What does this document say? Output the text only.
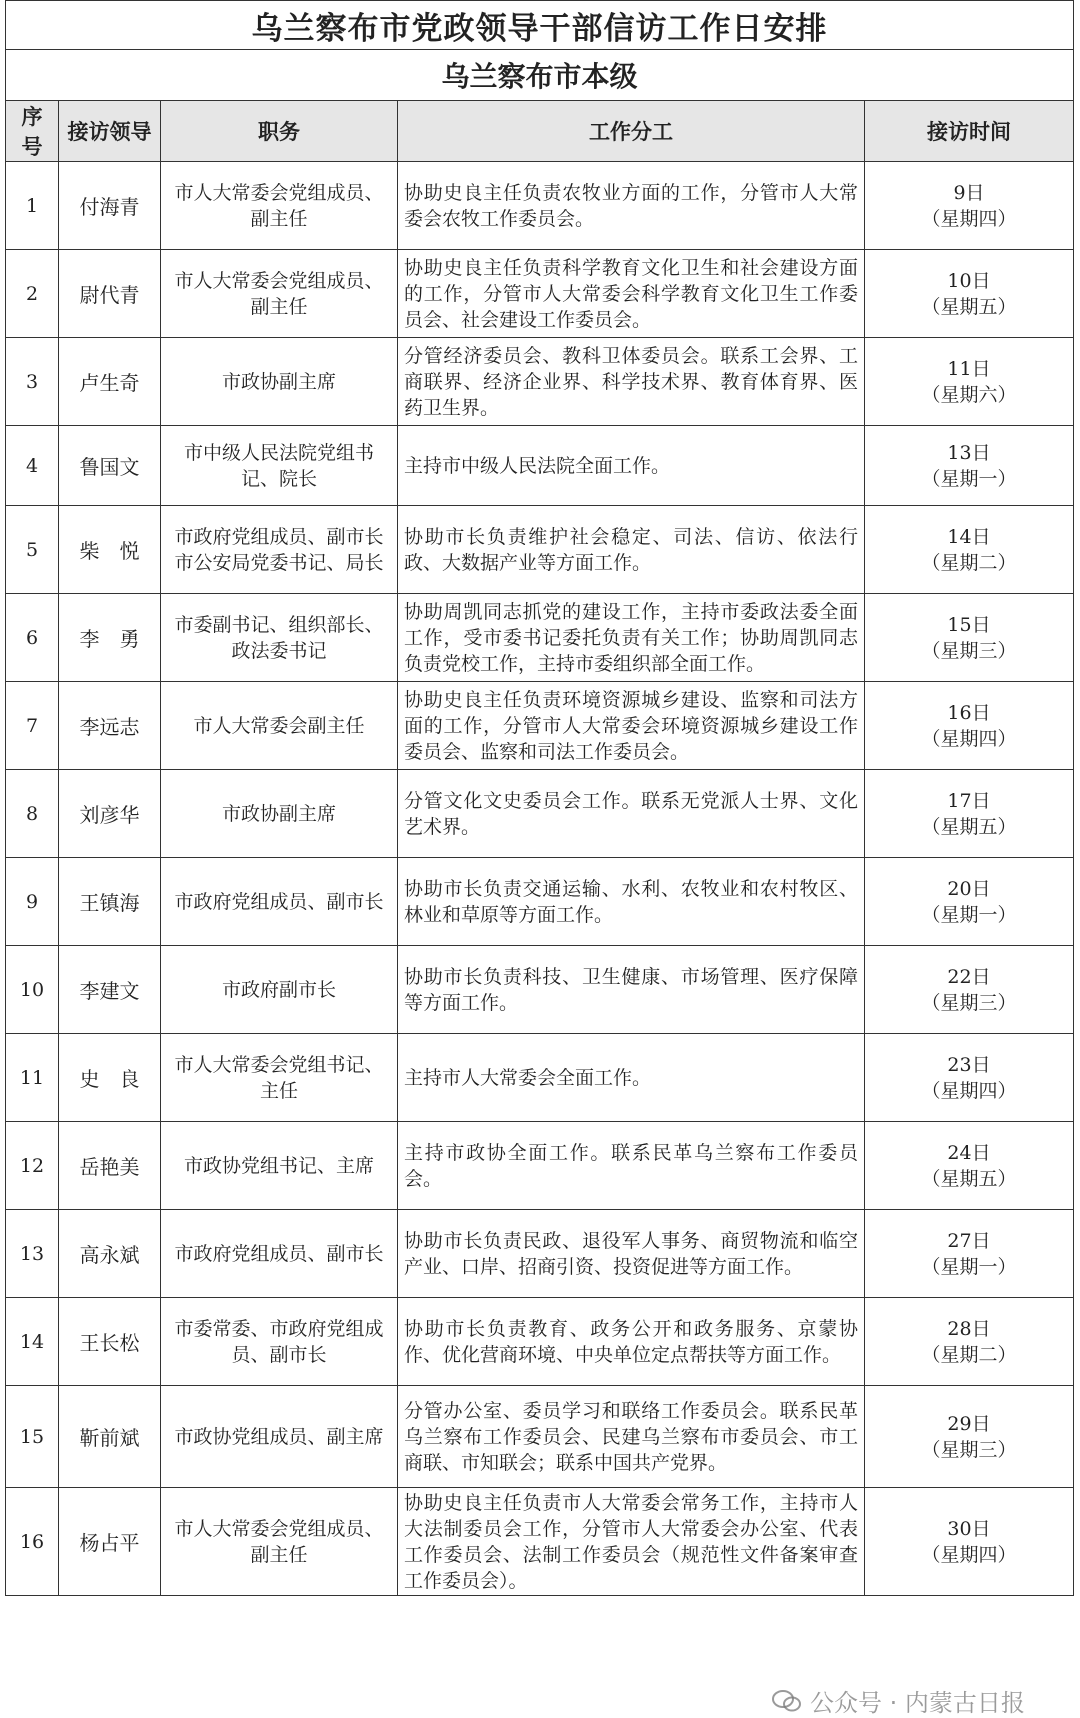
乌兰察布市党政领导干部信访工作日安排				
乌兰察布市本级				
序号	接访领导	职务	工作分工	接访时间
1	付海青	市人大常委会党组成员、副主任	协助史良主任负责农牧业方面的工作，分管市人大常委会农牧工作委员会。	9日
（星期四）

2	尉代青	市人大常委会党组成员、副主任	协助史良主任负责科学教育文化卫生和社会建设方面的工作，分管市人大常委会科学教育文化卫生工作委员会、社会建设工作委员会。	10日
（星期五）

3	卢生奇	市政协副主席	分管经济委员会、教科卫体委员会。联系工会界、工商联界、经济企业界、科学技术界、教育体育界、医药卫生界。	11日
（星期六）

4	鲁国文	市中级人民法院党组书记、院长	主持市中级人民法院全面工作。	13日
（星期一）

5	柴　悦	市政府党组成员、副市长市公安局党委书记、局长	协助市长负责维护社会稳定、司法、信访、依法行政、大数据产业等方面工作。	14日
（星期二）

6	李　勇	市委副书记、组织部长、政法委书记	协助周凯同志抓党的建设工作，主持市委政法委全面工作，受市委书记委托负责有关工作；协助周凯同志负责党校工作，主持市委组织部全面工作。	15日
（星期三）

7	李远志	市人大常委会副主任	协助史良主任负责环境资源城乡建设、监察和司法方面的工作，分管市人大常委会环境资源城乡建设工作委员会、监察和司法工作委员会。	16日
（星期四）

8	刘彦华	市政协副主席	分管文化文史委员会工作。联系无党派人士界、文化艺术界。	17日
（星期五）

9	王镇海	市政府党组成员、副市长	协助市长负责交通运输、水利、农牧业和农村牧区、林业和草原等方面工作。	20日
（星期一）

10	李建文	市政府副市长	协助市长负责科技、卫生健康、市场管理、医疗保障等方面工作。	22日
（星期三）

11	史　良	市人大常委会党组书记、主任	主持市人大常委会全面工作。	23日
（星期四）

12	岳艳美	市政协党组书记、主席	主持市政协全面工作。联系民革乌兰察布工作委员会。	24日
（星期五）

13	高永斌	市政府党组成员、副市长	协助市长负责民政、退役军人事务、商贸物流和临空产业、口岸、招商引资、投资促进等方面工作。	27日
（星期一）

14	王长松	市委常委、市政府党组成员、副市长	协助市长负责教育、政务公开和政务服务、京蒙协作、优化营商环境、中央单位定点帮扶等方面工作。	28日
（星期二）

15	靳前斌	市政协党组成员、副主席	分管办公室、委员学习和联络工作委员会。联系民革乌兰察布工作委员会、民建乌兰察布市委员会、市工商联、市知联会；联系中国共产党界。	29日
（星期三）

16	杨占平	市人大常委会党组成员、副主任	协助史良主任负责市人大常委会常务工作，主持市人大法制委员会工作，分管市人大常委会办公室、代表工作委员会、法制工作委员会（规范性文件备案审查工作委员会）。	30日
（星期四）
公众号 · 内蒙古日报
